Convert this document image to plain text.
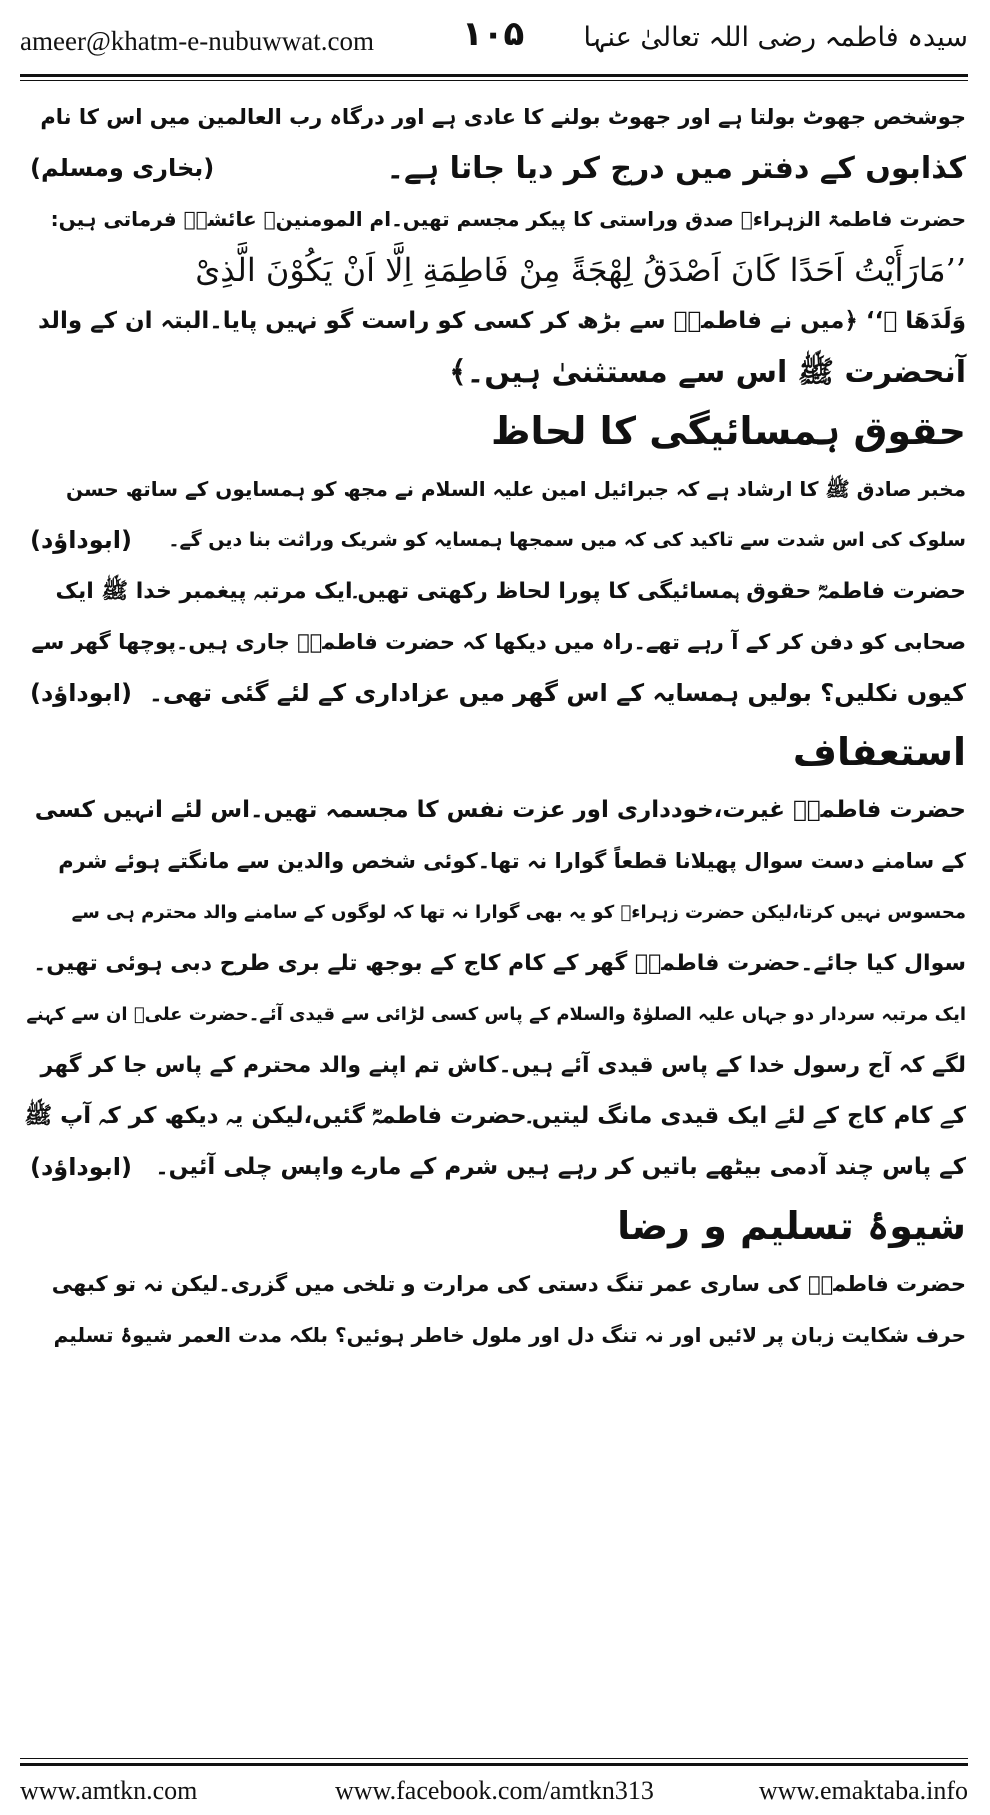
ameer@khatm-e-nubuwwat.com	۱۰۵ سیدہ فاطمہ رضی اللہ تعالیٰ عنہا
جوشخص جھوٹ بولتا ہے اور جھوٹ بولنے کا عادی ہے اور درگاہ رب العالمین میں اس کا نام
کذابوں کے دفتر میں درج کر دیا جاتا ہے۔
(بخاری ومسلم)
حضرت فاطمۃ الزہراءؓ صدق وراستی کا پیکر مجسم تھیں۔ام المومنینؓ عائشہؓ فرماتی ہیں:
’’مَارَأَیْتُ اَحَدًا کَانَ اَصْدَقُ لِهْجَةً مِنْ فَاطِمَةِ اِلَّا اَنْ یَكُوْنَ الَّذِیْ
وَلَدَهَا ﷺ‘‘ ﴿میں نے فاطمہؓ سے بڑھ کر کسی کو راست گو نہیں پایا۔البتہ ان کے والد
آنحضرت ﷺ اس سے مستثنیٰ ہیں۔﴾
حقوق ہمسائیگی کا لحاظ
مخبر صادق ﷺ کا ارشاد ہے کہ جبرائیل امین علیہ السلام نے مجھ کو ہمسایوں کے ساتھ حسن
سلوک کی اس شدت سے تاکید کی کہ میں سمجھا ہمسایہ کو شریک وراثت بنا دیں گے۔
(ابوداؤد)
حضرت فاطمہؓ حقوق ہمسائیگی کا پورا لحاظ رکھتی تھیں۔ایک مرتبہ پیغمبر خدا ﷺ ایک
صحابی کو دفن کر کے آ رہے تھے۔راہ میں دیکھا کہ حضرت فاطمہؓ جاری ہیں۔پوچھا گھر سے
کیوں نکلیں؟ بولیں ہمسایہ کے اس گھر میں عزاداری کے لئے گئی تھی۔
(ابوداؤد)
استعفاف
حضرت فاطمہؓ غیرت،خودداری اور عزت نفس کا مجسمہ تھیں۔اس لئے انہیں کسی
کے سامنے دست سوال پھیلانا قطعاً گوارا نہ تھا۔کوئی شخص والدین سے مانگتے ہوئے شرم
محسوس نہیں کرتا،لیکن حضرت زہراءؓ کو یہ بھی گوارا نہ تھا کہ لوگوں کے سامنے والد محترم ہی سے
سوال کیا جائے۔حضرت فاطمہؓ گھر کے کام کاج کے بوجھ تلے بری طرح دبی ہوئی تھیں۔
ایک مرتبہ سردار دو جہاں علیہ الصلوٰۃ والسلام کے پاس کسی لڑائی سے قیدی آئے۔حضرت علیؓ ان سے کہنے
لگے کہ آج رسول خدا کے پاس قیدی آئے ہیں۔کاش تم اپنے والد محترم کے پاس جا کر گھر
کے کام کاج کے لئے ایک قیدی مانگ لیتیں۔حضرت فاطمہؓ گئیں،لیکن یہ دیکھ کر کہ آپ ﷺ
کے پاس چند آدمی بیٹھے باتیں کر رہے ہیں شرم کے مارے واپس چلی آئیں۔
(ابوداؤد)
شیوۂ تسلیم و رضا
حضرت فاطمہؓ کی ساری عمر تنگ دستی کی مرارت و تلخی میں گزری۔لیکن نہ تو کبھی
حرف شکایت زبان پر لائیں اور نہ تنگ دل اور ملول خاطر ہوئیں؟ بلکہ مدت العمر شیوۂ تسلیم
www.amtkn.com	www.facebook.com/amtkn313	www.emaktaba.info
